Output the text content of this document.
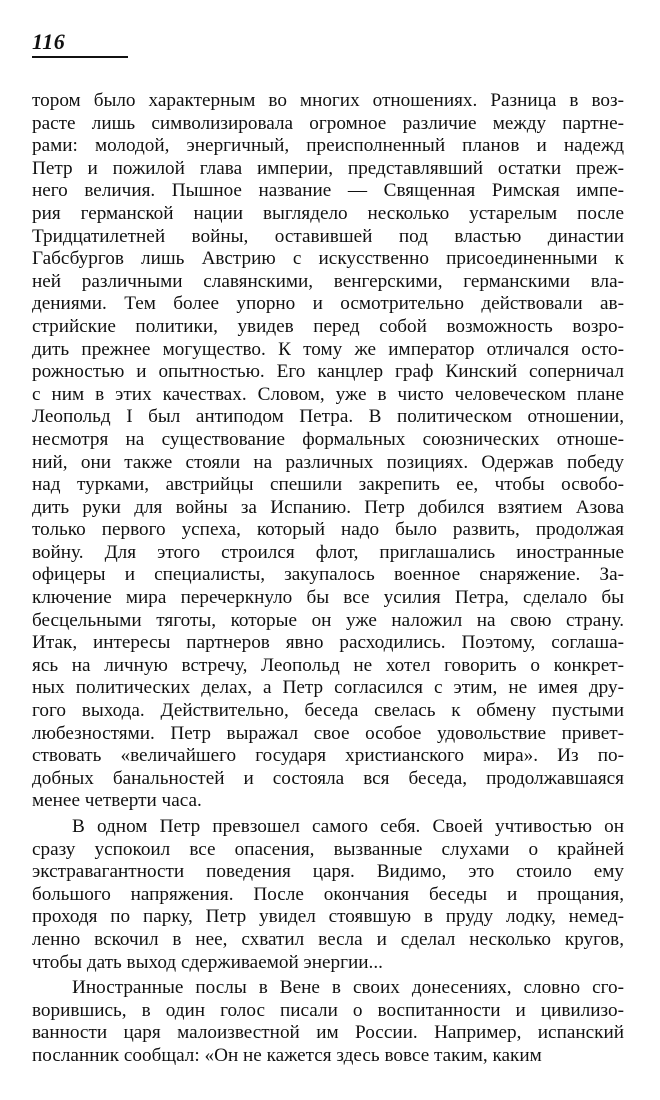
116
тором было характерным во многих отношениях. Разница в воз-
расте лишь символизировала огромное различие между партне-
рами: молодой, энергичный, преисполненный планов и надежд
Петр и пожилой глава империи, представлявший остатки преж-
него величия. Пышное название — Священная Римская импе-
рия германской нации выглядело несколько устарелым после
Тридцатилетней войны, оставившей под властью династии
Габсбургов лишь Австрию с искусственно присоединенными к
ней различными славянскими, венгерскими, германскими вла-
дениями. Тем более упорно и осмотрительно действовали ав-
стрийские политики, увидев перед собой возможность возро-
дить прежнее могущество. К тому же император отличался осто-
рожностью и опытностью. Его канцлер граф Кинский соперничал
с ним в этих качествах. Словом, уже в чисто человеческом плане
Леопольд I был антиподом Петра. В политическом отношении,
несмотря на существование формальных союзнических отноше-
ний, они также стояли на различных позициях. Одержав победу
над турками, австрийцы спешили закрепить ее, чтобы освобо-
дить руки для войны за Испанию. Петр добился взятием Азова
только первого успеха, который надо было развить, продолжая
войну. Для этого строился флот, приглашались иностранные
офицеры и специалисты, закупалось военное снаряжение. За-
ключение мира перечеркнуло бы все усилия Петра, сделало бы
бесцельными тяготы, которые он уже наложил на свою страну.
Итак, интересы партнеров явно расходились. Поэтому, соглаша-
ясь на личную встречу, Леопольд не хотел говорить о конкрет-
ных политических делах, а Петр согласился с этим, не имея дру-
гого выхода. Действительно, беседа свелась к обмену пустыми
любезностями. Петр выражал свое особое удовольствие привет-
ствовать «величайшего государя христианского мира». Из по-
добных банальностей и состояла вся беседа, продолжавшаяся
менее четверти часа.
В одном Петр превзошел самого себя. Своей учтивостью он
сразу успокоил все опасения, вызванные слухами о крайней
экстравагантности поведения царя. Видимо, это стоило ему
большого напряжения. После окончания беседы и прощания,
проходя по парку, Петр увидел стоявшую в пруду лодку, немед-
ленно вскочил в нее, схватил весла и сделал несколько кругов,
чтобы дать выход сдерживаемой энергии...
Иностранные послы в Вене в своих донесениях, словно сго-
ворившись, в один голос писали о воспитанности и цивилизо-
ванности царя малоизвестной им России. Например, испанский
посланник сообщал: «Он не кажется здесь вовсе таким, каким
